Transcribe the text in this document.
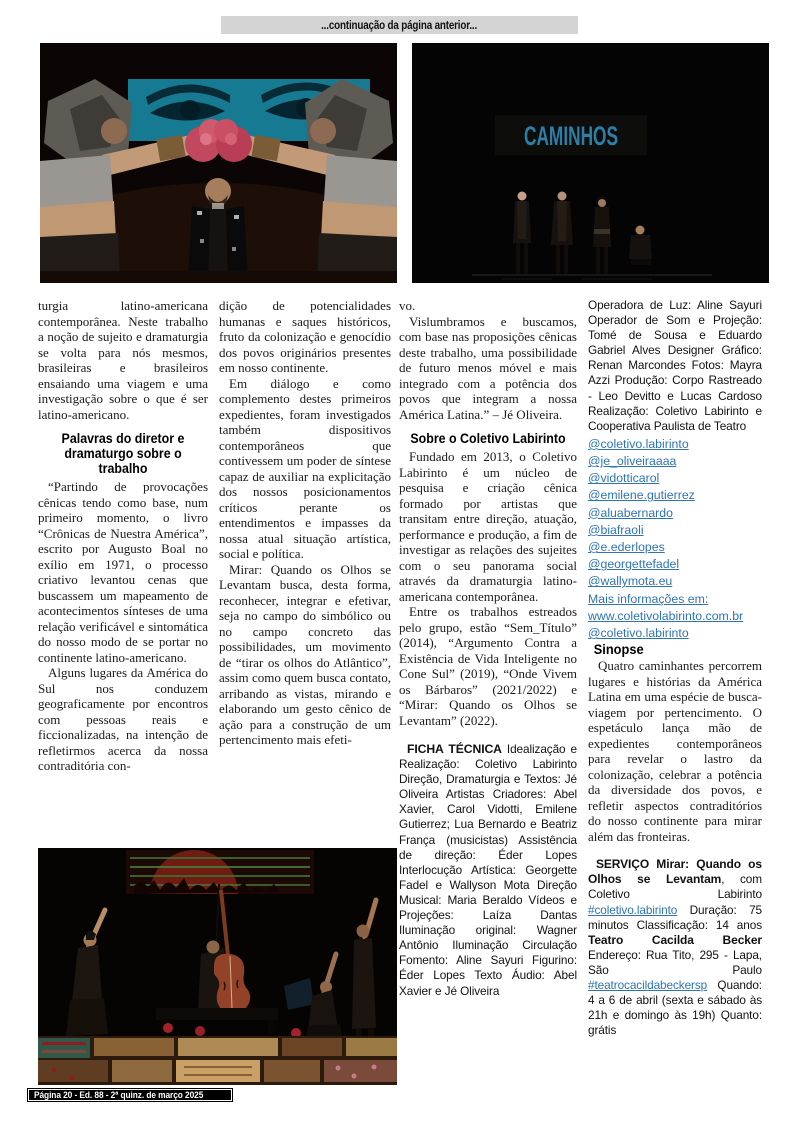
...continuação da página anterior...
CAMINHOS

turgia latino-americana contemporânea. Neste trabalho a noção de sujeito e dramaturgia se volta para nós mesmos, brasileiras e brasileiros ensaiando uma viagem e uma investigação sobre o que é ser latino-americano.

Palavras do diretor e dramaturgo sobre o trabalho

“Partindo de provocações cênicas tendo como base, num primeiro momento, o livro “Crônicas de Nuestra América”, escrito por Augusto Boal no exílio em 1971, o processo criativo levantou cenas que buscassem um mapeamento de acontecimentos sínteses de uma relação verificável e sintomática do nosso modo de se portar no continente latino-americano.

Alguns lugares da América do Sul nos conduzem geograficamente por encontros com pessoas reais e ficcionalizadas, na intenção de refletirmos acerca da nossa contraditória con-

dição de potencialidades humanas e saques históricos, fruto da colonização e genocídio dos povos originários presentes em nosso continente.

Em diálogo e como complemento destes primeiros expedientes, foram investigados também dispositivos contemporâneos que contivessem um poder de síntese capaz de auxiliar na explicitação dos nossos posicionamentos críticos perante os entendimentos e impasses da nossa atual situação artística, social e política.

Mirar: Quando os Olhos se Levantam busca, desta forma, reconhecer, integrar e efetivar, seja no campo do simbólico ou no campo concreto das possibilidades, um movimento de “tirar os olhos do Atlântico”, assim como quem busca contato, arribando as vistas, mirando e elaborando um gesto cênico de ação para a construção de um pertencimento mais efeti-

vo.

Vislumbramos e buscamos, com base nas proposições cênicas deste trabalho, uma possibilidade de futuro menos móvel e mais integrado com a potência dos povos que integram a nossa América Latina.” – Jé Oliveira.

Sobre o Coletivo Labirinto

Fundado em 2013, o Coletivo Labirinto é um núcleo de pesquisa e criação cênica formado por artistas que transitam entre direção, atuação, performance e produção, a fim de investigar as relações des sujeites com o seu panorama social através da dramaturgia latino-americana contemporânea.

Entre os trabalhos estreados pelo grupo, estão “Sem_Título” (2014), “Argumento Contra a Existência de Vida Inteligente no Cone Sul” (2019), “Onde Vivem os Bárbaros” (2021/2022) e “Mirar: Quando os Olhos se Levantam” (2022).

FICHA TÉCNICA Idealização e Realização: Coletivo Labirinto Direção, Dramaturgia e Textos: Jé Oliveira Artistas Criadores: Abel Xavier, Carol Vidotti, Emilene Gutierrez; Lua Bernardo e Beatriz França (musicistas) Assistência de direção: Éder Lopes Interlocução Artística: Georgette Fadel e Wallyson Mota Direção Musical: Maria Beraldo Vídeos e Projeções: Laíza Dantas Iluminação original: Wagner Antônio Iluminação Circulação Fomento: Aline Sayuri Figurino: Éder Lopes Texto Áudio: Abel Xavier e Jé Oliveira

Operadora de Luz: Aline Sayuri Operador de Som e Projeção: Tomé de Sousa e Eduardo Gabriel Alves Designer Gráfico: Renan Marcondes Fotos: Mayra Azzi Produção: Corpo Rastreado - Leo Devitto e Lucas Cardoso Realização: Coletivo Labirinto e Cooperativa Paulista de Teatro

@coletivo.labirinto
@je_oliveiraaaa
@vidotticarol
@emilene.gutierrez
@aluabernardo
@biafraoli
@e.ederlopes
@georgettefadel
@wallymota.eu
Mais informações em: www.coletivolabirinto.com.br
@coletivo.labirinto
Sinopse

Quatro caminhantes percorrem lugares e histórias da América Latina em uma espécie de busca-viagem por pertencimento. O espetáculo lança mão de expedientes contemporâneos para revelar o lastro da colonização, celebrar a potência da diversidade dos povos, e refletir aspectos contraditórios do nosso continente para mirar além das fronteiras.

SERVIÇO Mirar: Quando os Olhos se Levantam, com Coletivo Labirinto #coletivo.labirinto Duração: 75 minutos Classificação: 14 anos Teatro Cacilda Becker Endereço: Rua Tito, 295 - Lapa, São Paulo #teatrocacildabeckersp Quando: 4 a 6 de abril (sexta e sábado às 21h e domingo às 19h) Quanto: grátis

Página 20 - Ed. 88 - 2ª quinz. de março 2025
